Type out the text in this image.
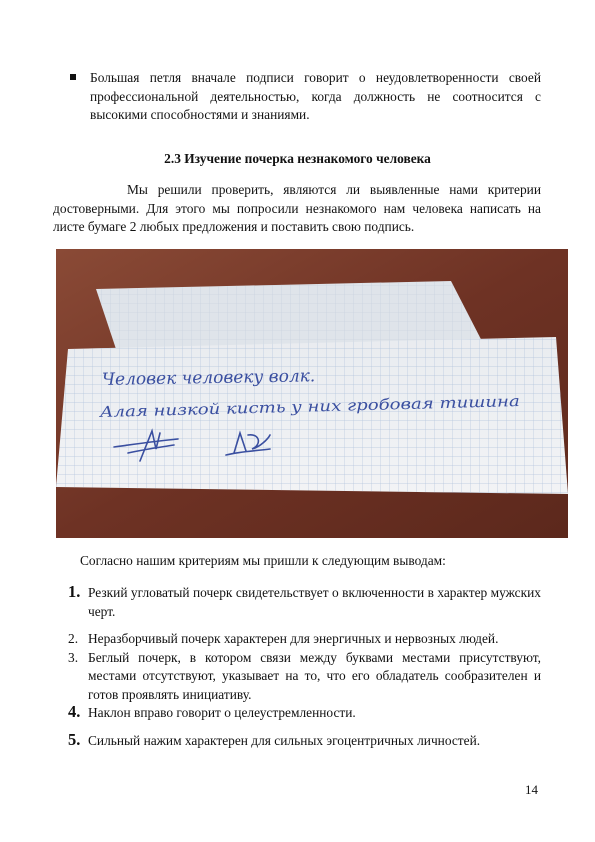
Большая петля вначале подписи говорит о неудовлетворенности своей профессиональной деятельностью, когда должность не соотносится с высокими способностями и знаниями.
2.3 Изучение почерка незнакомого человека
Мы решили проверить, являются ли выявленные нами критерии достоверными. Для этого мы попросили незнакомого нам человека написать на листе бумаге 2 любых предложения и поставить свою подпись.
Человек человеку волк.
Алая низкой кисть у них гробовая тишина
Согласно нашим критериям мы пришли к следующим выводам:
1. Резкий угловатый почерк свидетельствует о включенности в характер мужских черт.
2. Неразборчивый почерк характерен для энергичных и нервозных людей.
3. Беглый почерк, в котором связи между буквами местами присутствуют, местами отсутствуют, указывает на то, что его обладатель сообразителен и готов проявлять инициативу.
4. Наклон вправо говорит о целеустремленности.
5. Сильный нажим характерен для сильных эгоцентричных личностей.
14
